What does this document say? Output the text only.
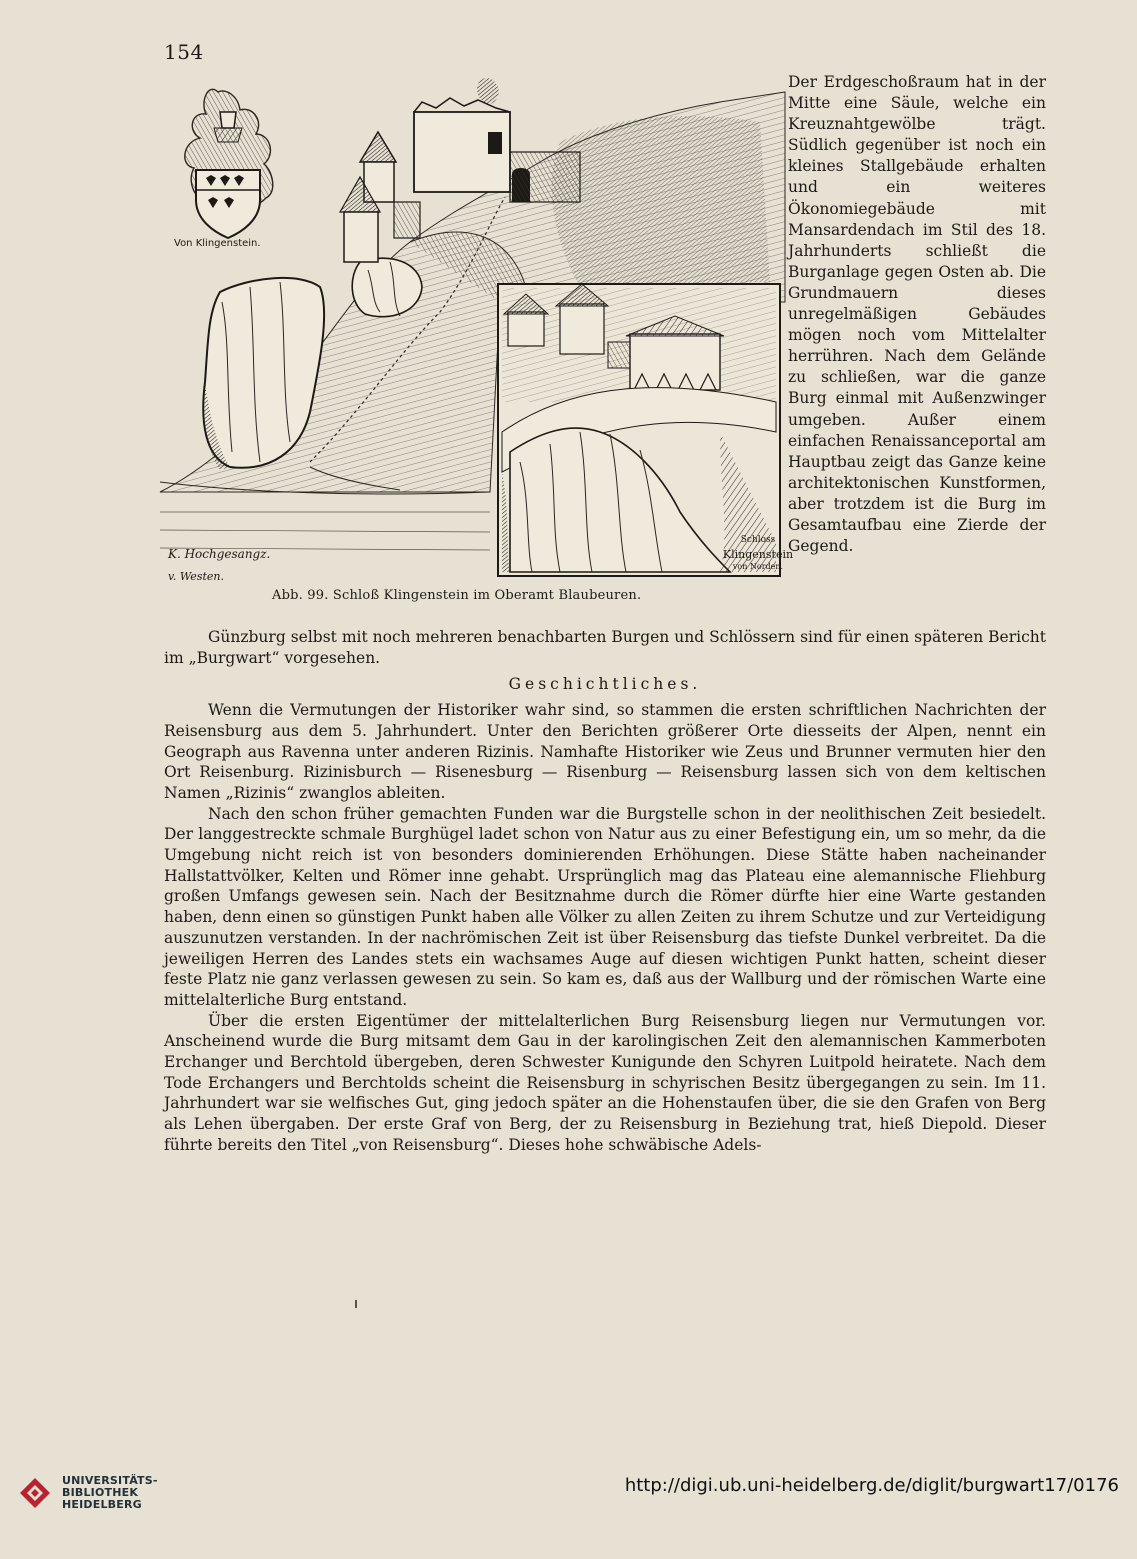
154
Schloss
Klingenstein
von Norden.
Von Klingenstein.
K. Hochgesangz.
v. Westen.
Abb. 99. Schloß Klingenstein im Oberamt Blaubeuren.
Der Erdgeschoßraum hat in der Mitte eine Säule, welche ein Kreuznahtgewölbe trägt. Südlich gegenüber ist noch ein kleines Stallgebäude erhalten und ein weiteres Ökonomiegebäude mit Mansardendach im Stil des 18. Jahrhunderts schließt die Burganlage gegen Osten ab. Die Grundmauern dieses unregelmäßigen Gebäudes mögen noch vom Mittelalter herrühren. Nach dem Gelände zu schließen, war die ganze Burg einmal mit Außenzwinger umgeben. Außer einem einfachen Renaissanceportal am Hauptbau zeigt das Ganze keine architektonischen Kunstformen, aber trotzdem ist die Burg im Gesamtaufbau eine Zierde der Gegend.

Günzburg selbst mit noch mehreren benachbarten Burgen und Schlössern sind für einen späteren Bericht im „Burgwart“ vorgesehen.

Geschichtliches.

Wenn die Vermutungen der Historiker wahr sind, so stammen die ersten schriftlichen Nachrichten der Reisensburg aus dem 5. Jahrhundert. Unter den Berichten größerer Orte diesseits der Alpen, nennt ein Geograph aus Ravenna unter anderen Rizinis. Namhafte Historiker wie Zeus und Brunner vermuten hier den Ort Reisenburg. Rizinisburch — Risenesburg — Risenburg — Reisensburg lassen sich von dem keltischen Namen „Rizinis“ zwanglos ableiten.

Nach den schon früher gemachten Funden war die Burgstelle schon in der neolithischen Zeit besiedelt. Der langgestreckte schmale Burghügel ladet schon von Natur aus zu einer Befestigung ein, um so mehr, da die Umgebung nicht reich ist von besonders dominierenden Erhöhungen. Diese Stätte haben nacheinander Hallstattvölker, Kelten und Römer inne gehabt. Ursprünglich mag das Plateau eine alemannische Fliehburg großen Umfangs gewesen sein. Nach der Besitznahme durch die Römer dürfte hier eine Warte gestanden haben, denn einen so günstigen Punkt haben alle Völker zu allen Zeiten zu ihrem Schutze und zur Verteidigung auszunutzen verstanden. In der nachrömischen Zeit ist über Reisensburg das tiefste Dunkel verbreitet. Da die jeweiligen Herren des Landes stets ein wachsames Auge auf diesen wichtigen Punkt hatten, scheint dieser feste Platz nie ganz verlassen gewesen zu sein. So kam es, daß aus der Wallburg und der römischen Warte eine mittelalterliche Burg entstand.

Über die ersten Eigentümer der mittelalterlichen Burg Reisensburg liegen nur Vermutungen vor. Anscheinend wurde die Burg mitsamt dem Gau in der karolingischen Zeit den alemannischen Kammerboten Erchanger und Berchtold übergeben, deren Schwester Kunigunde den Schyren Luitpold heiratete. Nach dem Tode Erchangers und Berchtolds scheint die Reisensburg in schyrischen Besitz übergegangen zu sein. Im 11. Jahrhundert war sie welfisches Gut, ging jedoch später an die Hohenstaufen über, die sie den Grafen von Berg als Lehen übergaben. Der erste Graf von Berg, der zu Reisensburg in Beziehung trat, hieß Diepold. Dieser führte bereits den Titel „von Reisensburg“. Dieses hohe schwäbische Adels-

UNIVERSITÄTS-
BIBLIOTHEK
HEIDELBERG
http://digi.ub.uni-heidelberg.de/diglit/burgwart17/0176
